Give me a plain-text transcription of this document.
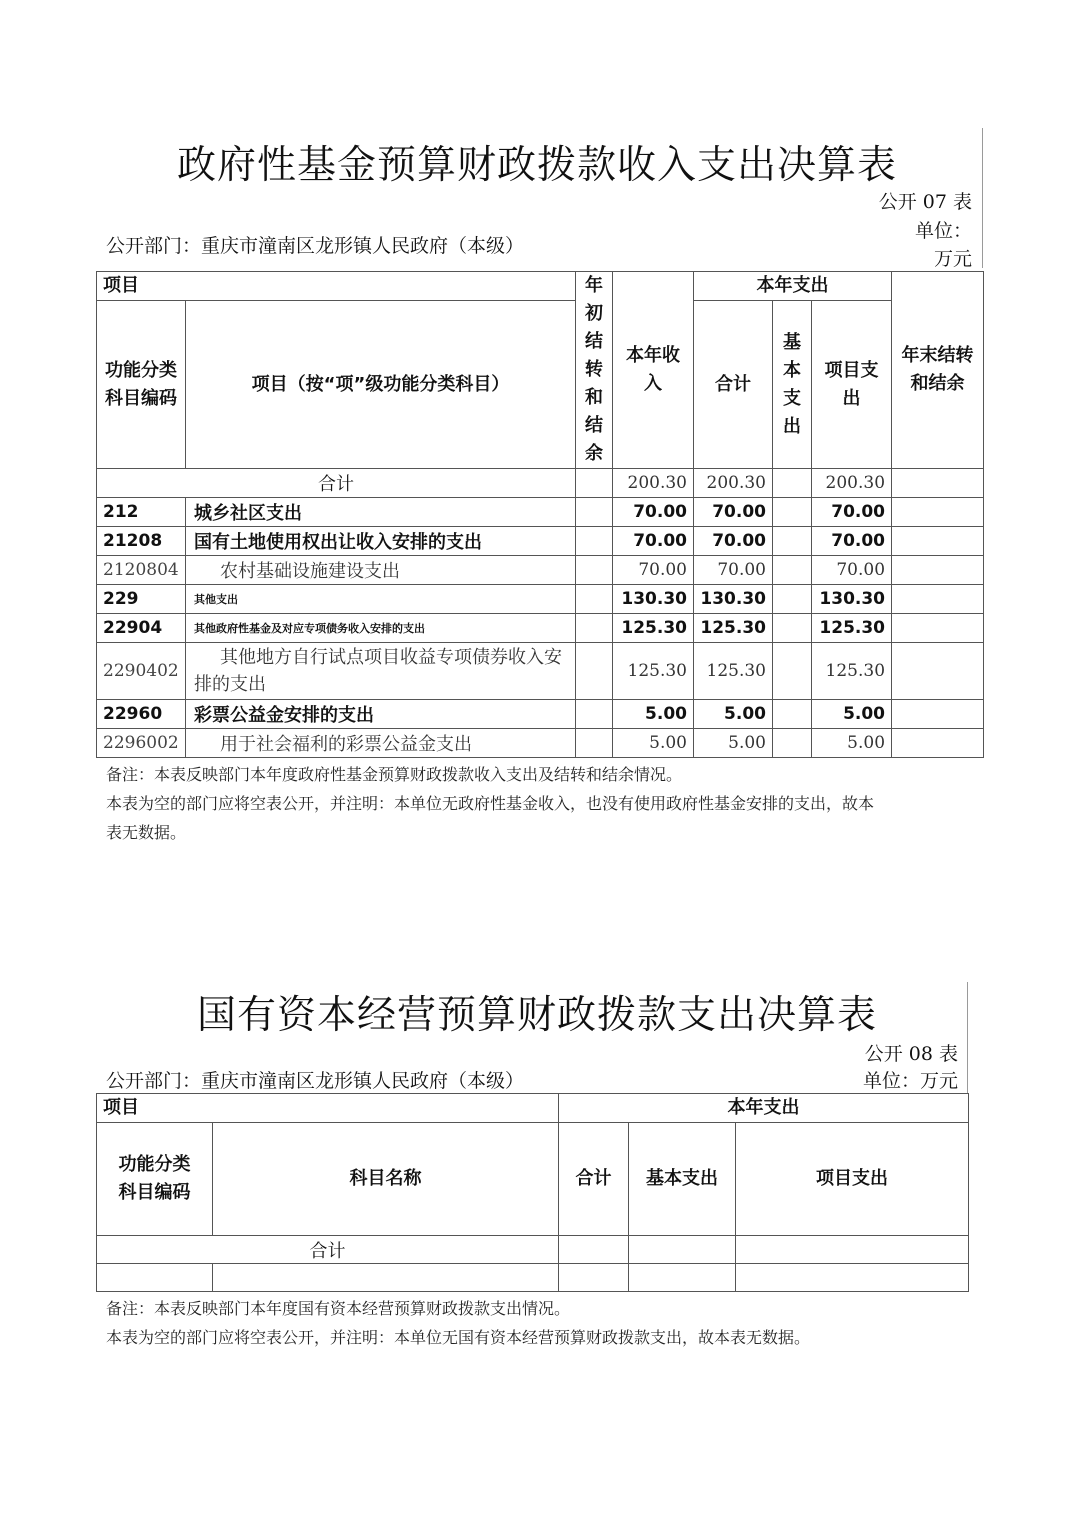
政府性基金预算财政拨款收入支出决算表
公开 07 表
单位：
万元
公开部门：重庆市潼南区龙形镇人民政府（本级）
项目		年初结转和结余	本年收入	本年支出			年末结转和结余
功能分类科目编码	项目（按“项”级功能分类科目）			合计	基本支出	项目支出	
合计			200.30	200.30		200.30	
212	城乡社区支出		70.00	70.00		70.00	
21208	国有土地使用权出让收入安排的支出		70.00	70.00		70.00	
2120804	农村基础设施建设支出		70.00	70.00		70.00	
229	其他支出		130.30	130.30		130.30	
22904	其他政府性基金及对应专项债务收入安排的支出		125.30	125.30		125.30	
2290402	其他地方自行试点项目收益专项债券收入安排的支出		125.30	125.30		125.30	
22960	彩票公益金安排的支出		5.00	5.00		5.00	
2296002	用于社会福利的彩票公益金支出		5.00	5.00		5.00	
备注：本表反映部门本年度政府性基金预算财政拨款收入支出及结转和结余情况。
本表为空的部门应将空表公开，并注明：本单位无政府性基金收入，也没有使用政府性基金安排的支出，故本
表无数据。
国有资本经营预算财政拨款支出决算表
公开 08 表
公开部门：重庆市潼南区龙形镇人民政府（本级）	单位：万元
项目		本年支出		
功能分类科目编码	科目名称	合计	基本支出	项目支出
合计				

备注：本表反映部门本年度国有资本经营预算财政拨款支出情况。
本表为空的部门应将空表公开，并注明：本单位无国有资本经营预算财政拨款支出，故本表无数据。
